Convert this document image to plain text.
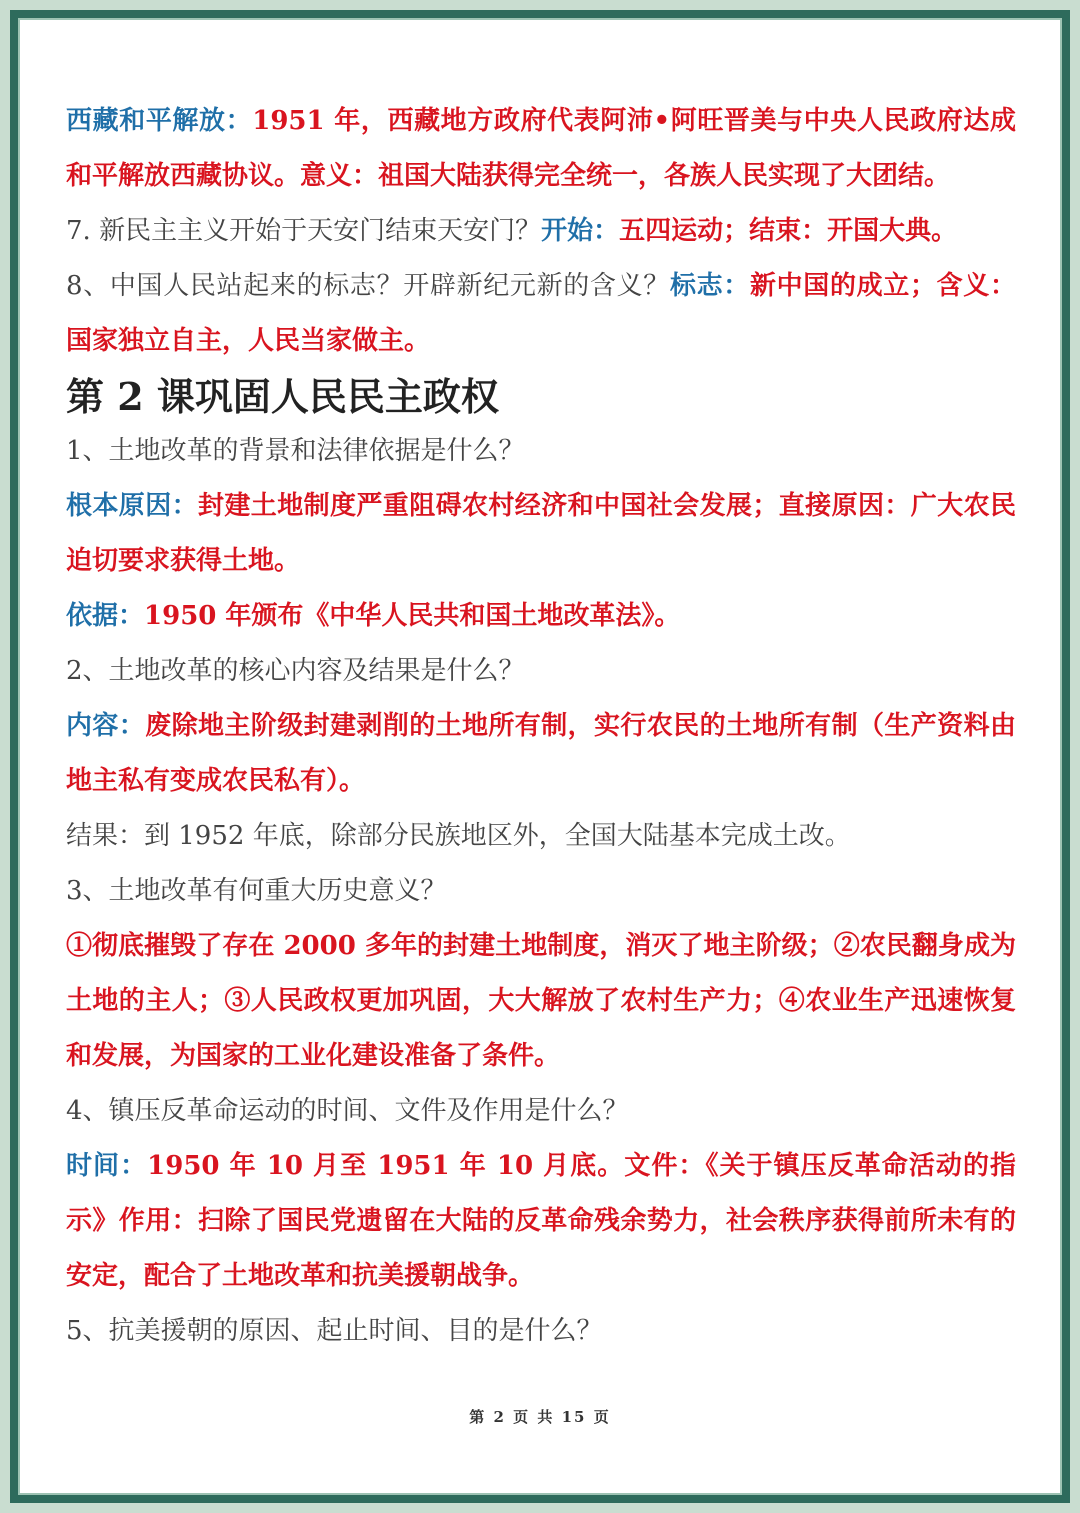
西藏和平解放：1951 年，西藏地方政府代表阿沛•阿旺晋美与中央人民政府达成和平解放西藏协议。意义：祖国大陆获得完全统一，各族人民实现了大团结。

7. 新民主主义开始于天安门结束天安门？开始：五四运动；结束：开国大典。

8、中国人民站起来的标志？开辟新纪元新的含义？标志：新中国的成立；含义：国家独立自主，人民当家做主。

第 2 课巩固人民民主政权

1、土地改革的背景和法律依据是什么？

根本原因：封建土地制度严重阻碍农村经济和中国社会发展；直接原因：广大农民迫切要求获得土地。

依据：1950 年颁布《中华人民共和国土地改革法》。

2、土地改革的核心内容及结果是什么？

内容：废除地主阶级封建剥削的土地所有制，实行农民的土地所有制（生产资料由地主私有变成农民私有）。

结果：到 1952 年底，除部分民族地区外，全国大陆基本完成土改。

3、土地改革有何重大历史意义？

①彻底摧毁了存在 2000 多年的封建土地制度，消灭了地主阶级；②农民翻身成为土地的主人；③人民政权更加巩固，大大解放了农村生产力；④农业生产迅速恢复和发展，为国家的工业化建设准备了条件。

4、镇压反革命运动的时间、文件及作用是什么？

时间：1950 年 10 月至 1951 年 10 月底。文件：《关于镇压反革命活动的指示》作用：扫除了国民党遗留在大陆的反革命残余势力，社会秩序获得前所未有的安定，配合了土地改革和抗美援朝战争。

5、抗美援朝的原因、起止时间、目的是什么？

第 2 页 共 15 页
